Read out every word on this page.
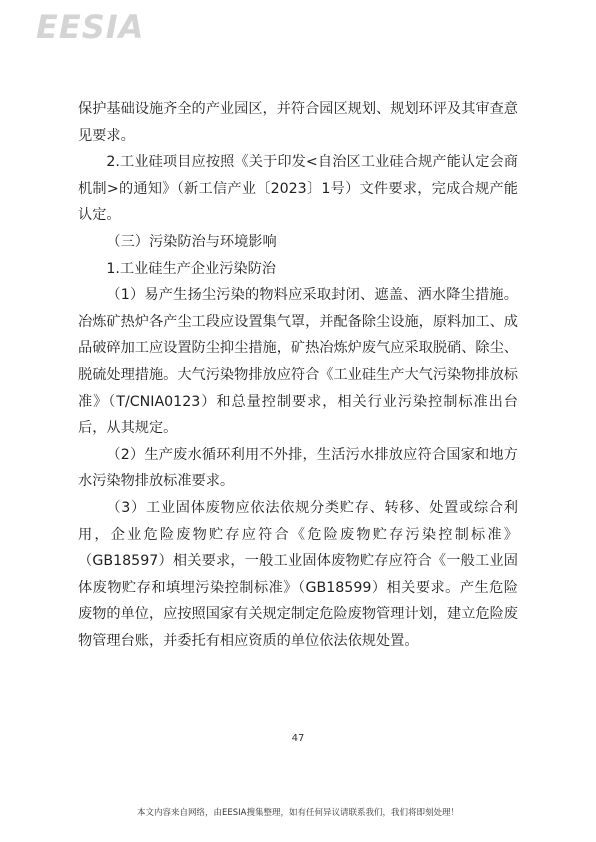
EESIA

保护基础设施齐全的产业园区，并符合园区规划、规划环评及其审查意见要求。

2.工业硅项目应按照《关于印发<自治区工业硅合规产能认定会商机制>的通知》（新工信产业〔2023〕1号）文件要求，完成合规产能认定。

（三）污染防治与环境影响

1.工业硅生产企业污染防治

（1）易产生扬尘污染的物料应采取封闭、遮盖、洒水降尘措施。冶炼矿热炉各产尘工段应设置集气罩，并配备除尘设施，原料加工、成品破碎加工应设置防尘抑尘措施，矿热冶炼炉废气应采取脱硝、除尘、脱硫处理措施。大气污染物排放应符合《工业硅生产大气污染物排放标准》（T/CNIA0123）和总量控制要求，相关行业污染控制标准出台后，从其规定。

（2）生产废水循环利用不外排，生活污水排放应符合国家和地方水污染物排放标准要求。

（3）工业固体废物应依法依规分类贮存、转移、处置或综合利用，企业危险废物贮存应符合《危险废物贮存污染控制标准》（GB18597）相关要求，一般工业固体废物贮存应符合《一般工业固体废物贮存和填埋污染控制标准》（GB18599）相关要求。产生危险废物的单位，应按照国家有关规定制定危险废物管理计划，建立危险废物管理台账，并委托有相应资质的单位依法依规处置。

47
本文内容来自网络，由EESIA搜集整理，如有任何异议请联系我们，我们将即刻处理！
